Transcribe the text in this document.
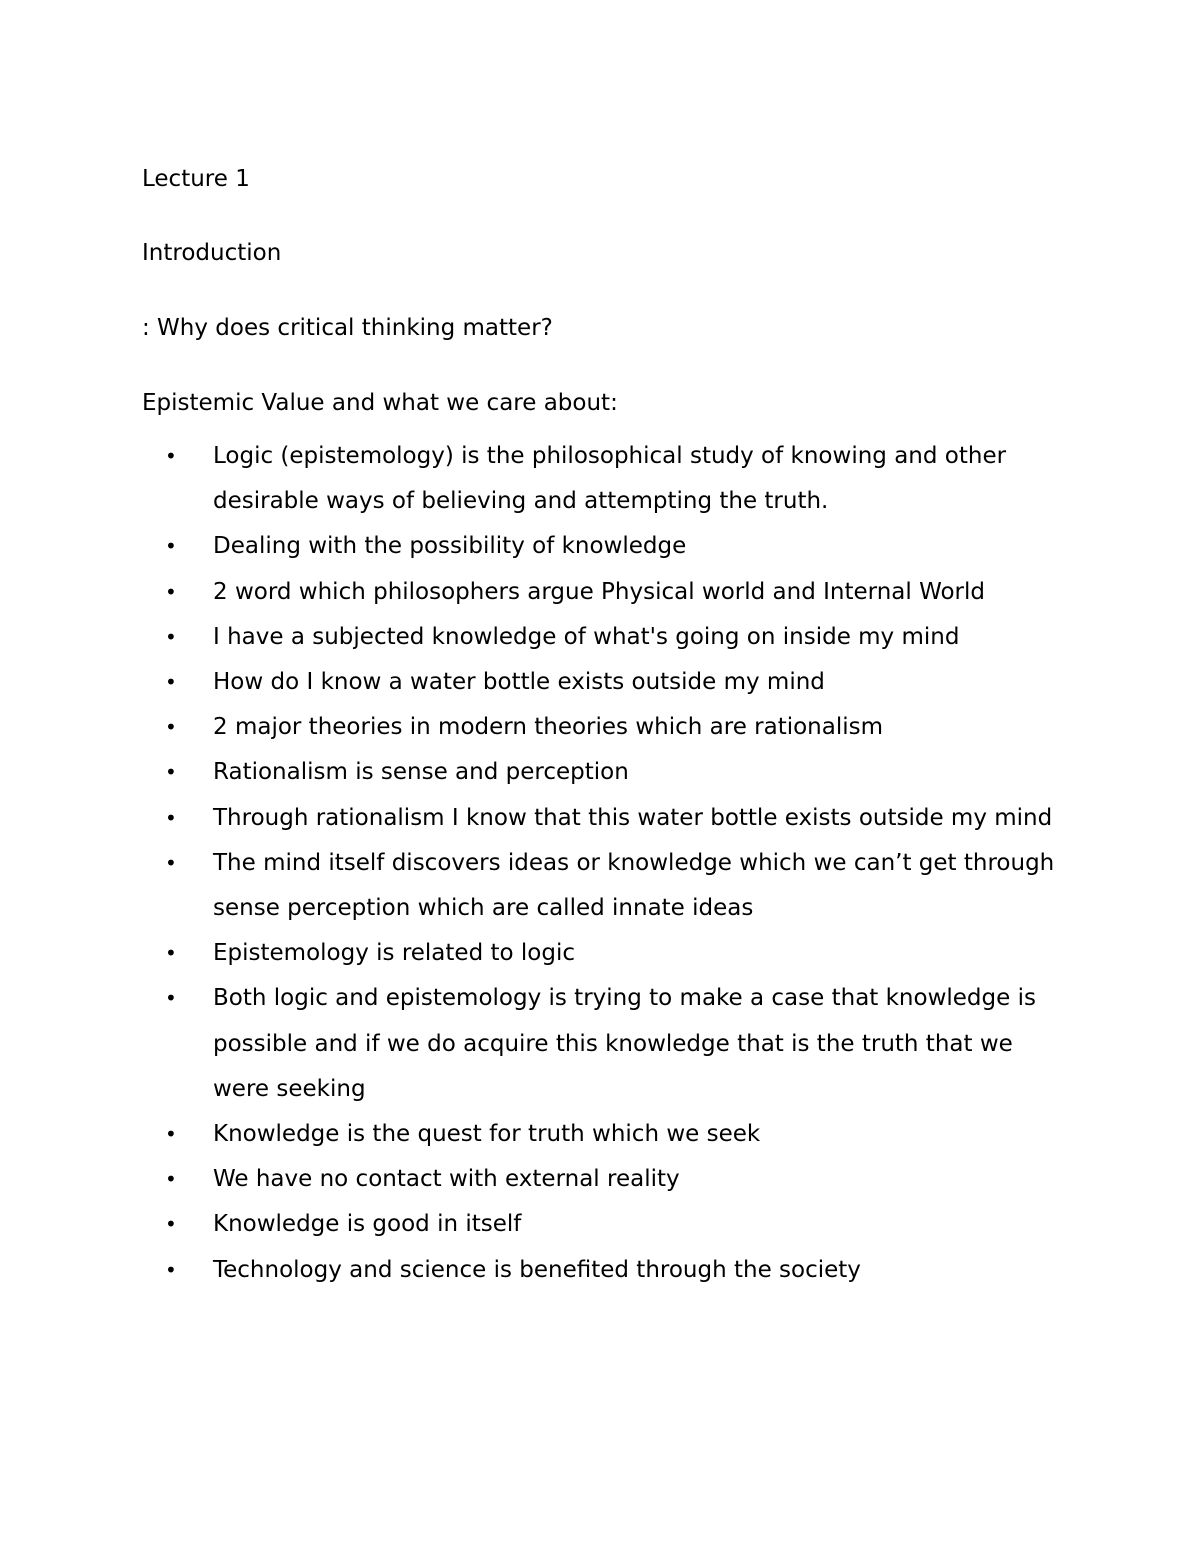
Lecture 1

Introduction

: Why does critical thinking matter?

Epistemic Value and what we care about:

•	Logic (epistemology) is the philosophical study of knowing and other desirable ways of believing and attempting the truth.
•	Dealing with the possibility of knowledge
•	2 word which philosophers argue Physical world and Internal World
•	I have a subjected knowledge of what's going on inside my mind
•	How do I know a water bottle exists outside my mind
•	2 major theories in modern theories which are rationalism
•	Rationalism is sense and perception
•	Through rationalism I know that this water bottle exists outside my mind
•	The mind itself discovers ideas or knowledge which we can’t get through sense perception which are called innate ideas
•	Epistemology is related to logic
•	Both logic and epistemology is trying to make a case that knowledge is possible and if we do acquire this knowledge that is the truth that we were seeking
•	Knowledge is the quest for truth which we seek
•	We have no contact with external reality
•	Knowledge is good in itself
•	Technology and science is benefited through the society
